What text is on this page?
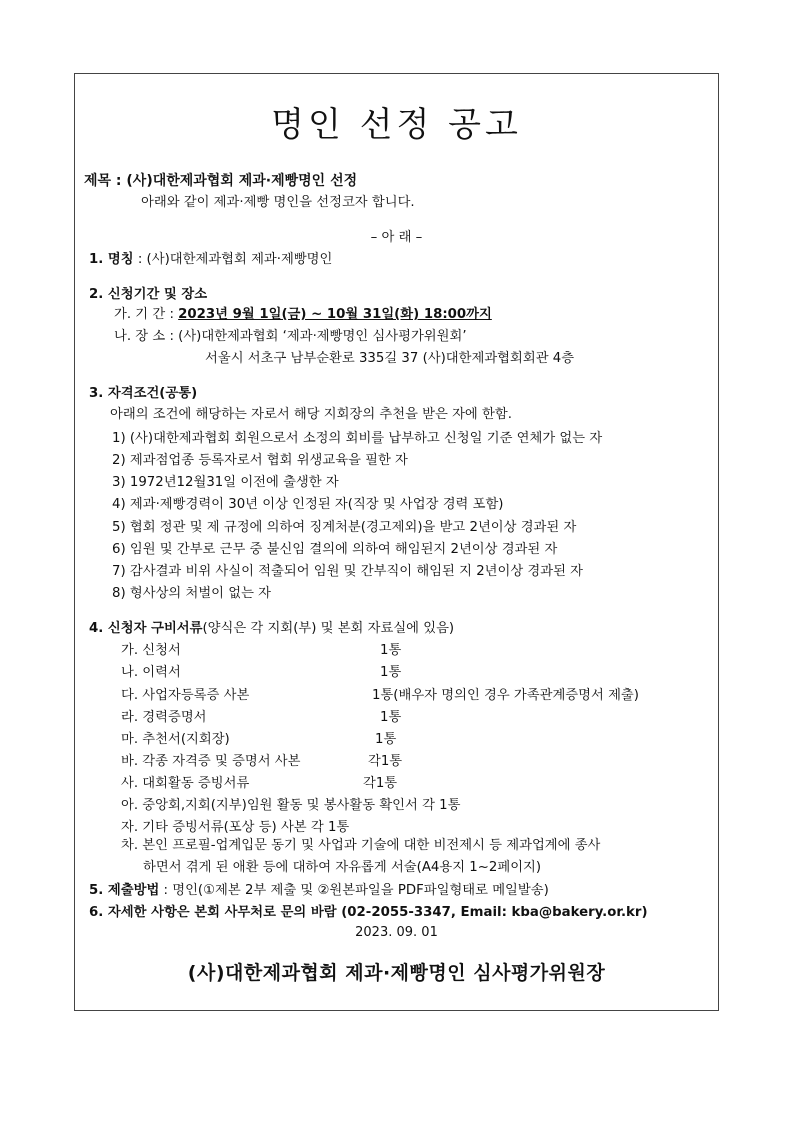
명인 선정 공고
제목 : (사)대한제과협회 제과·제빵명인 선정
아래와 같이 제과·제빵 명인을 선정코자 합니다.
– 아 래 –
1. 명칭 : (사)대한제과협회 제과·제빵명인
2. 신청기간 및 장소
가. 기 간 : 2023년 9월 1일(금) ~ 10월 31일(화) 18:00까지
나. 장 소 : (사)대한제과협회 ‘제과·제빵명인 심사평가위원회’
서울시 서초구 남부순환로 335길 37 (사)대한제과협회회관 4층
3. 자격조건(공통)
아래의 조건에 해당하는 자로서 해당 지회장의 추천을 받은 자에 한함.
1) (사)대한제과협회 회원으로서 소정의 회비를 납부하고 신청일 기준 연체가 없는 자
2) 제과점업종 등록자로서 협회 위생교육을 필한 자
3) 1972년12월31일 이전에 출생한 자
4) 제과·제빵경력이 30년 이상 인정된 자(직장 및 사업장 경력 포함)
5) 협회 정관 및 제 규정에 의하여 징계처분(경고제외)을 받고 2년이상 경과된 자
6) 임원 및 간부로 근무 중 불신임 결의에 의하여 해임된지 2년이상 경과된 자
7) 감사결과 비위 사실이 적출되어 임원 및 간부직이 해임된 지 2년이상 경과된 자
8) 형사상의 처벌이 없는 자
4. 신청자 구비서류(양식은 각 지회(부) 및 본회 자료실에 있음)
가. 신청서	1통
나. 이력서	1통
다. 사업자등록증 사본	1통(배우자 명의인 경우 가족관계증명서 제출)
라. 경력증명서	1통
마. 추천서(지회장)	1통
바. 각종 자격증 및 증명서 사본	각1통
사. 대회활동 증빙서류	각1통
아. 중앙회,지회(지부)임원 활동 및 봉사활동 확인서 각 1통
자. 기타 증빙서류(포상 등) 사본 각 1통
차. 본인 프로필-업계입문 동기 및 사업과 기술에 대한 비전제시 등 제과업계에 종사
하면서 겪게 된 애환 등에 대하여 자유롭게 서술(A4용지 1~2페이지)
5. 제출방법 : 명인(①제본 2부 제출 및 ②원본파일을 PDF파일형태로 메일발송)
6. 자세한 사항은 본회 사무처로 문의 바람 (02-2055-3347, Email: kba@bakery.or.kr)
2023. 09. 01
(사)대한제과협회 제과·제빵명인 심사평가위원장
